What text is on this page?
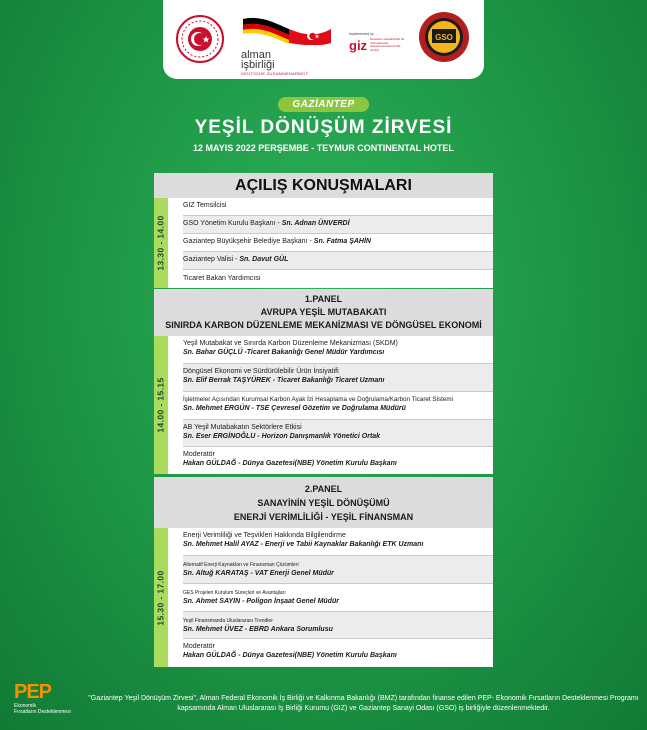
alman
işbirliği
DEUTSCHE ZUSAMMENARBEIT
Implemented by
giz Deutsche Gesellschaft für Internationale Zusammenarbeit (GIZ) GmbH
GSO
GAZİANTEP
YEŞİL DÖNÜŞÜM ZİRVESİ
12 MAYIS 2022 PERŞEMBE - TEYMUR CONTINENTAL HOTEL
AÇILIŞ KONUŞMALARI
13.30 - 14.00
GIZ Temsilcisi
GSO Yönetim Kurulu Başkanı - Sn. Adnan ÜNVERDİ
Gaziantep Büyükşehir Belediye Başkanı - Sn. Fatma ŞAHİN
Gaziantep Valisi - Sn. Davut GÜL
Ticaret Bakan Yardımcısı
1.PANEL
AVRUPA YEŞİL MUTABAKATI
SINIRDA KARBON DÜZENLEME MEKANİZMASI VE DÖNGÜSEL EKONOMİ
14.00 - 15.15
Yeşil Mutabakat ve Sınırda Karbon Düzenleme Mekanizması (SKDM)
Sn. Bahar GÜÇLÜ -Ticaret Bakanlığı Genel Müdür Yardımcısı
Döngüsel Ekonomi ve Sürdürülebilir Ürün İnsiyatifi
Sn. Elif Berrak TAŞYÜREK - Ticaret Bakanlığı Ticaret Uzmanı
İşletmeler Açısından Kurumsal Karbon Ayak İzi Hesaplama ve Doğrulama/Karbon Ticaret Sistemi
Sn. Mehmet ERGÜN - TSE Çevresel Gözetim ve Doğrulama Müdürü
AB Yeşil Mutabakatın Sektörlere Etkisi
Sn. Eser ERGİNOĞLU - Horizon Danışmanlık Yönetici Ortak
Moderatör
Hakan GÜLDAĞ - Dünya Gazetesi(NBE) Yönetim Kurulu Başkanı
2.PANEL
SANAYİNİN YEŞİL DÖNÜŞÜMÜ
ENERJİ VERİMLİLİĞİ - YEŞİL FİNANSMAN
15.30 - 17.00
Enerji Verimliliği ve Teşvikleri Hakkında Bilgilendirme
Sn. Mehmet Halil AYAZ - Enerji ve Tabii Kaynaklar Bakanlığı ETK Uzmanı
Alternatif Enerji Kaynakları ve Finansman Çözümleri
Sn. Altuğ KARATAŞ - VAT Enerji Genel Müdür
GES Projeleri Kurulum Süreçleri ve Avantajları
Sn. Ahmet SAYIN - Poligon İnşaat Genel Müdür
Yeşil Finansmanda Uluslararası Trendler
Sn. Mehmet ÜVEZ - EBRD Ankara Sorumlusu
Moderatör
Hakan GÜLDAĞ - Dünya Gazetesi(NBE) Yönetim Kurulu Başkanı
PEP
Ekonomik
Fırsatların Desteklenmesi
"Gaziantep Yeşil Dönüşüm Zirvesi", Alman Federal Ekonomik İş Birliği ve Kalkınma Bakanlığı (BMZ) tarafından finanse edilen PEP- Ekonomik Fırsatların Desteklenmesi Programı kapsamında Alman Uluslararası İş Birliği Kurumu (GIZ) ve Gaziantep Sanayi Odası (GSO) iş birliğiyle düzenlenmektedir.
